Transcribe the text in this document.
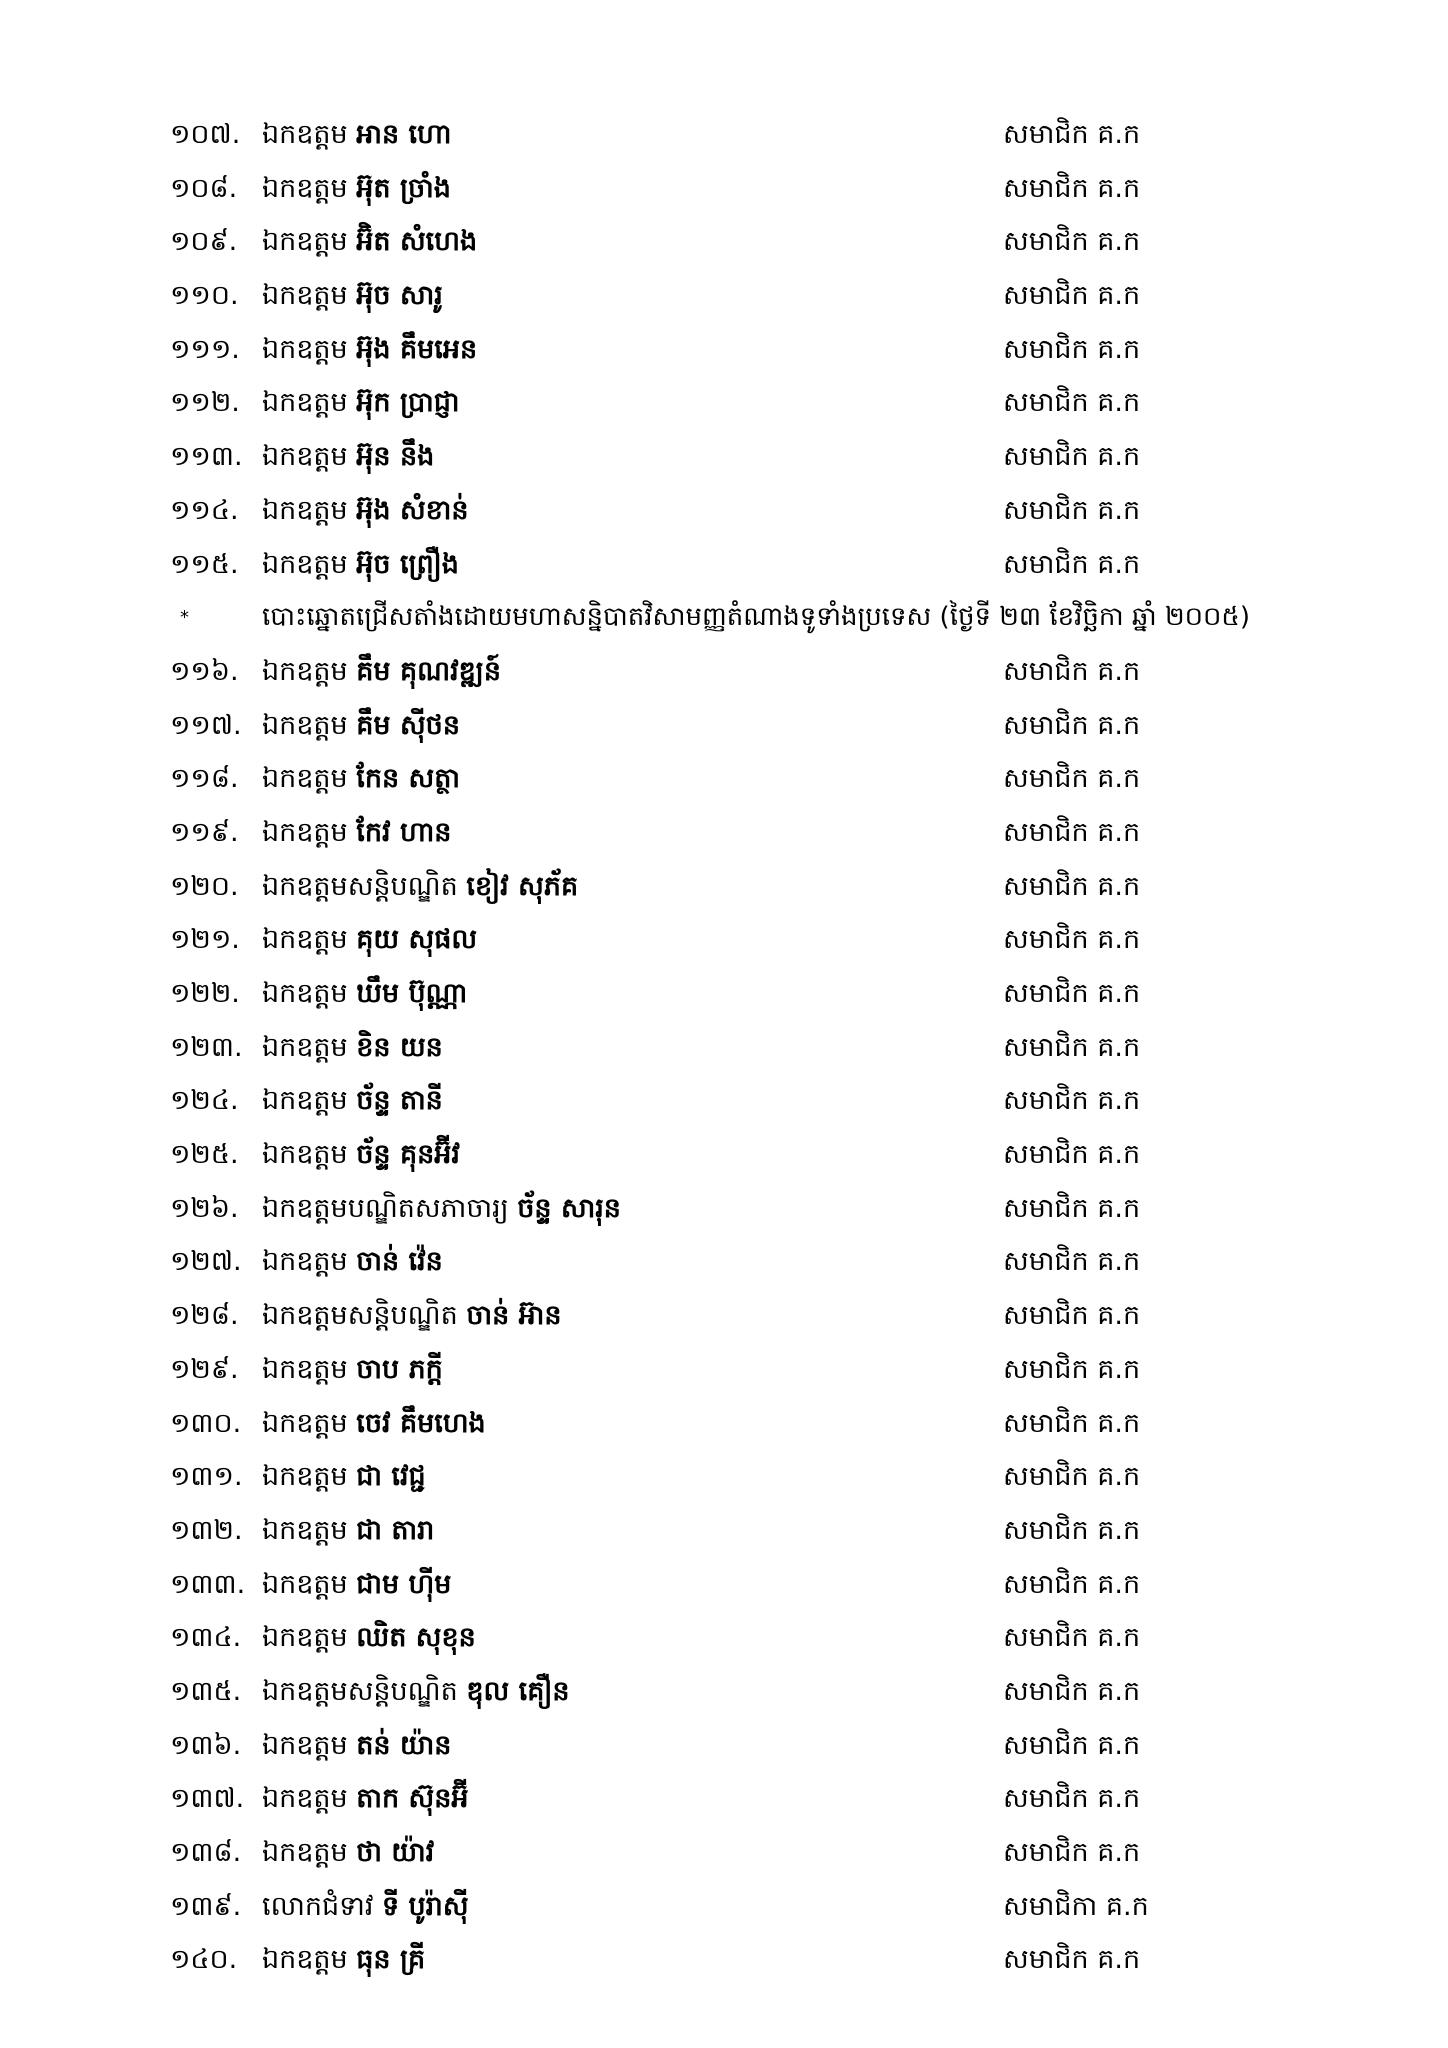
១០៧. ឯកឧត្តម អាន ហោ	សមាជិក គ.ក
១០៨. ឯកឧត្តម អ៊ុត ច្រាំង	សមាជិក គ.ក
១០៩. ឯកឧត្តម អ៊ិត សំហេង	សមាជិក គ.ក
១១០. ឯកឧត្តម អ៊ុច សារូ	សមាជិក គ.ក
១១១. ឯកឧត្តម អ៊ុង គឹមអេន	សមាជិក គ.ក
១១២. ឯកឧត្តម អ៊ុក ប្រាជ្ញា	សមាជិក គ.ក
១១៣. ឯកឧត្តម អ៊ុន នឹង	សមាជិក គ.ក
១១៤. ឯកឧត្តម អ៊ុង សំខាន់	សមាជិក គ.ក
១១៥. ឯកឧត្តម អ៊ុច ព្រឿង	សមាជិក គ.ក
*	បោះឆ្នោតជ្រើសតាំងដោយមហាសន្និបាតវិសាមញ្ញតំណាងទូទាំងប្រទេស (ថ្ងៃទី ២៣ ខែវិច្ឆិកា ឆ្នាំ ២០០៥)
១១៦. ឯកឧត្តម គឹម គុណវឌ្ឍន៍	សមាជិក គ.ក
១១៧. ឯកឧត្តម គឹម ស៊ីថន	សមាជិក គ.ក
១១៨. ឯកឧត្តម កែន សត្ថា	សមាជិក គ.ក
១១៩. ឯកឧត្តម កែវ ហាន	សមាជិក គ.ក
១២០. ឯកឧត្តមសន្តិបណ្ឌិត ខៀវ សុភ័គ	សមាជិក គ.ក
១២១. ឯកឧត្តម គុយ សុផល	សមាជិក គ.ក
១២២. ឯកឧត្តម ឃឹម ប៊ុណ្ណា	សមាជិក គ.ក
១២៣. ឯកឧត្តម ខិន យន	សមាជិក គ.ក
១២៤. ឯកឧត្តម ច័ន្ទ តានី	សមាជិក គ.ក
១២៥. ឯកឧត្តម ច័ន្ទ គុនអ៊ីវ	សមាជិក គ.ក
១២៦. ឯកឧត្តមបណ្ឌិតសភាចារ្យ ច័ន្ទ សារុន	សមាជិក គ.ក
១២៧. ឯកឧត្តម ចាន់ វ៉េន	សមាជិក គ.ក
១២៨. ឯកឧត្តមសន្តិបណ្ឌិត ចាន់ អ៊ាន	សមាជិក គ.ក
១២៩. ឯកឧត្តម ចាប ភក្តី	សមាជិក គ.ក
១៣០. ឯកឧត្តម ចេវ គឹមហេង	សមាជិក គ.ក
១៣១. ឯកឧត្តម ជា វេជ្ជ	សមាជិក គ.ក
១៣២. ឯកឧត្តម ជា តារា	សមាជិក គ.ក
១៣៣. ឯកឧត្តម ជាម ហ៊ីម	សមាជិក គ.ក
១៣៤. ឯកឧត្តម ឈិត សុខុន	សមាជិក គ.ក
១៣៥. ឯកឧត្តមសន្តិបណ្ឌិត ឌុល គឿន	សមាជិក គ.ក
១៣៦. ឯកឧត្តម តន់ យ៉ាន	សមាជិក គ.ក
១៣៧. ឯកឧត្តម តាក ស៊ុនអ៊ី	សមាជិក គ.ក
១៣៨. ឯកឧត្តម ថា យ៉ាវ	សមាជិក គ.ក
១៣៩. លោកជំទាវ ទី បូរ៉ាស៊ី	សមាជិកា គ.ក
១៤០. ឯកឧត្តម ធុន គ្រី	សមាជិក គ.ក
